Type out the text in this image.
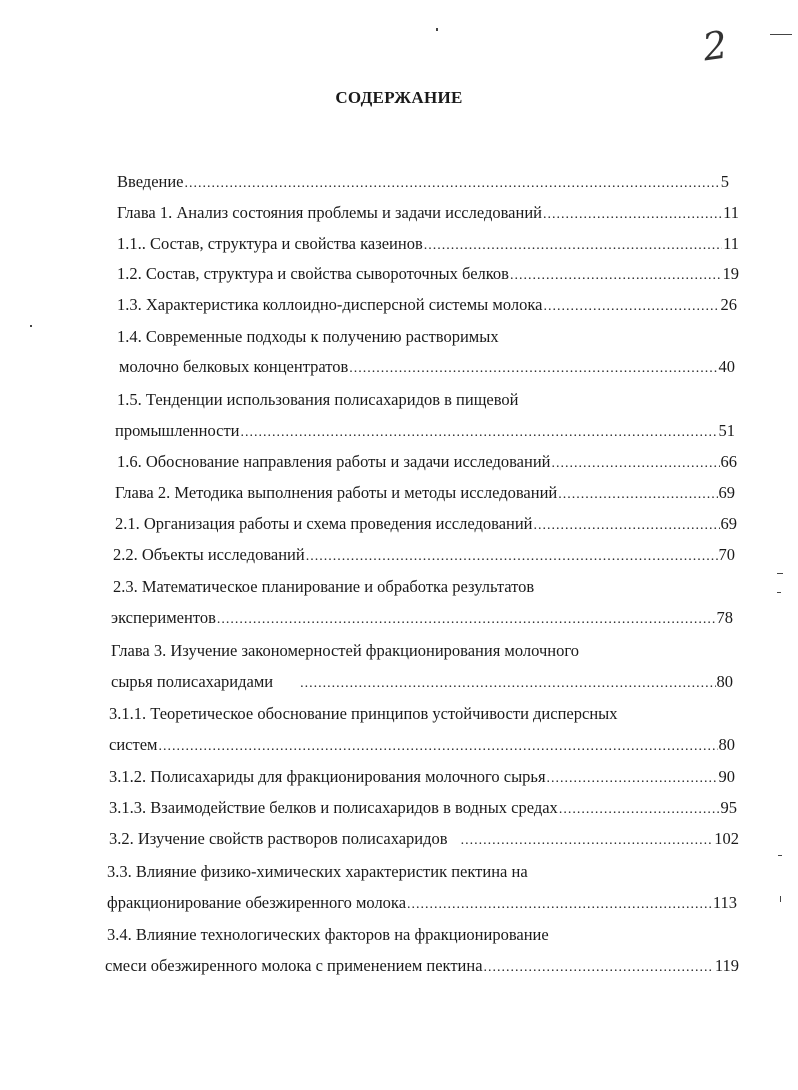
2
СОДЕРЖАНИЕ
Введение .....	5
Глава 1. Анализ состояния проблемы и задачи исследований .....	11
1.1.. Состав, структура и свойства казеинов .....	11
1.2. Состав, структура и свойства сывороточных белков .....	19
1.3. Характеристика коллоидно-дисперсной системы молока .....	26
1.4. Современные подходы к получению растворимых
молочно белковых концентратов .....	40
1.5. Тенденции использования полисахаридов в пищевой
промышленности .....	51
1.6. Обоснование направления работы и задачи исследований .....	66
Глава 2. Методика выполнения работы и методы исследований .....	69
2.1. Организация работы и схема проведения исследований .....	69
2.2. Объекты исследований .....	70
2.3. Математическое планирование и обработка результатов
экспериментов .....	78
Глава 3. Изучение закономерностей фракционирования молочного
сырья полисахаридами .....	80
3.1.1. Теоретическое обоснование принципов устойчивости дисперсных
систем .....	80
3.1.2. Полисахариды для фракционирования молочного сырья .....	90
3.1.3. Взаимодействие белков и полисахаридов в водных средах .....	95
3.2. Изучение свойств растворов полисахаридов .....	102
3.3. Влияние физико-химических характеристик пектина на
фракционирование обезжиренного молока .....	113
3.4. Влияние технологических факторов на фракционирование
смеси обезжиренного молока с применением пектина .....	119
